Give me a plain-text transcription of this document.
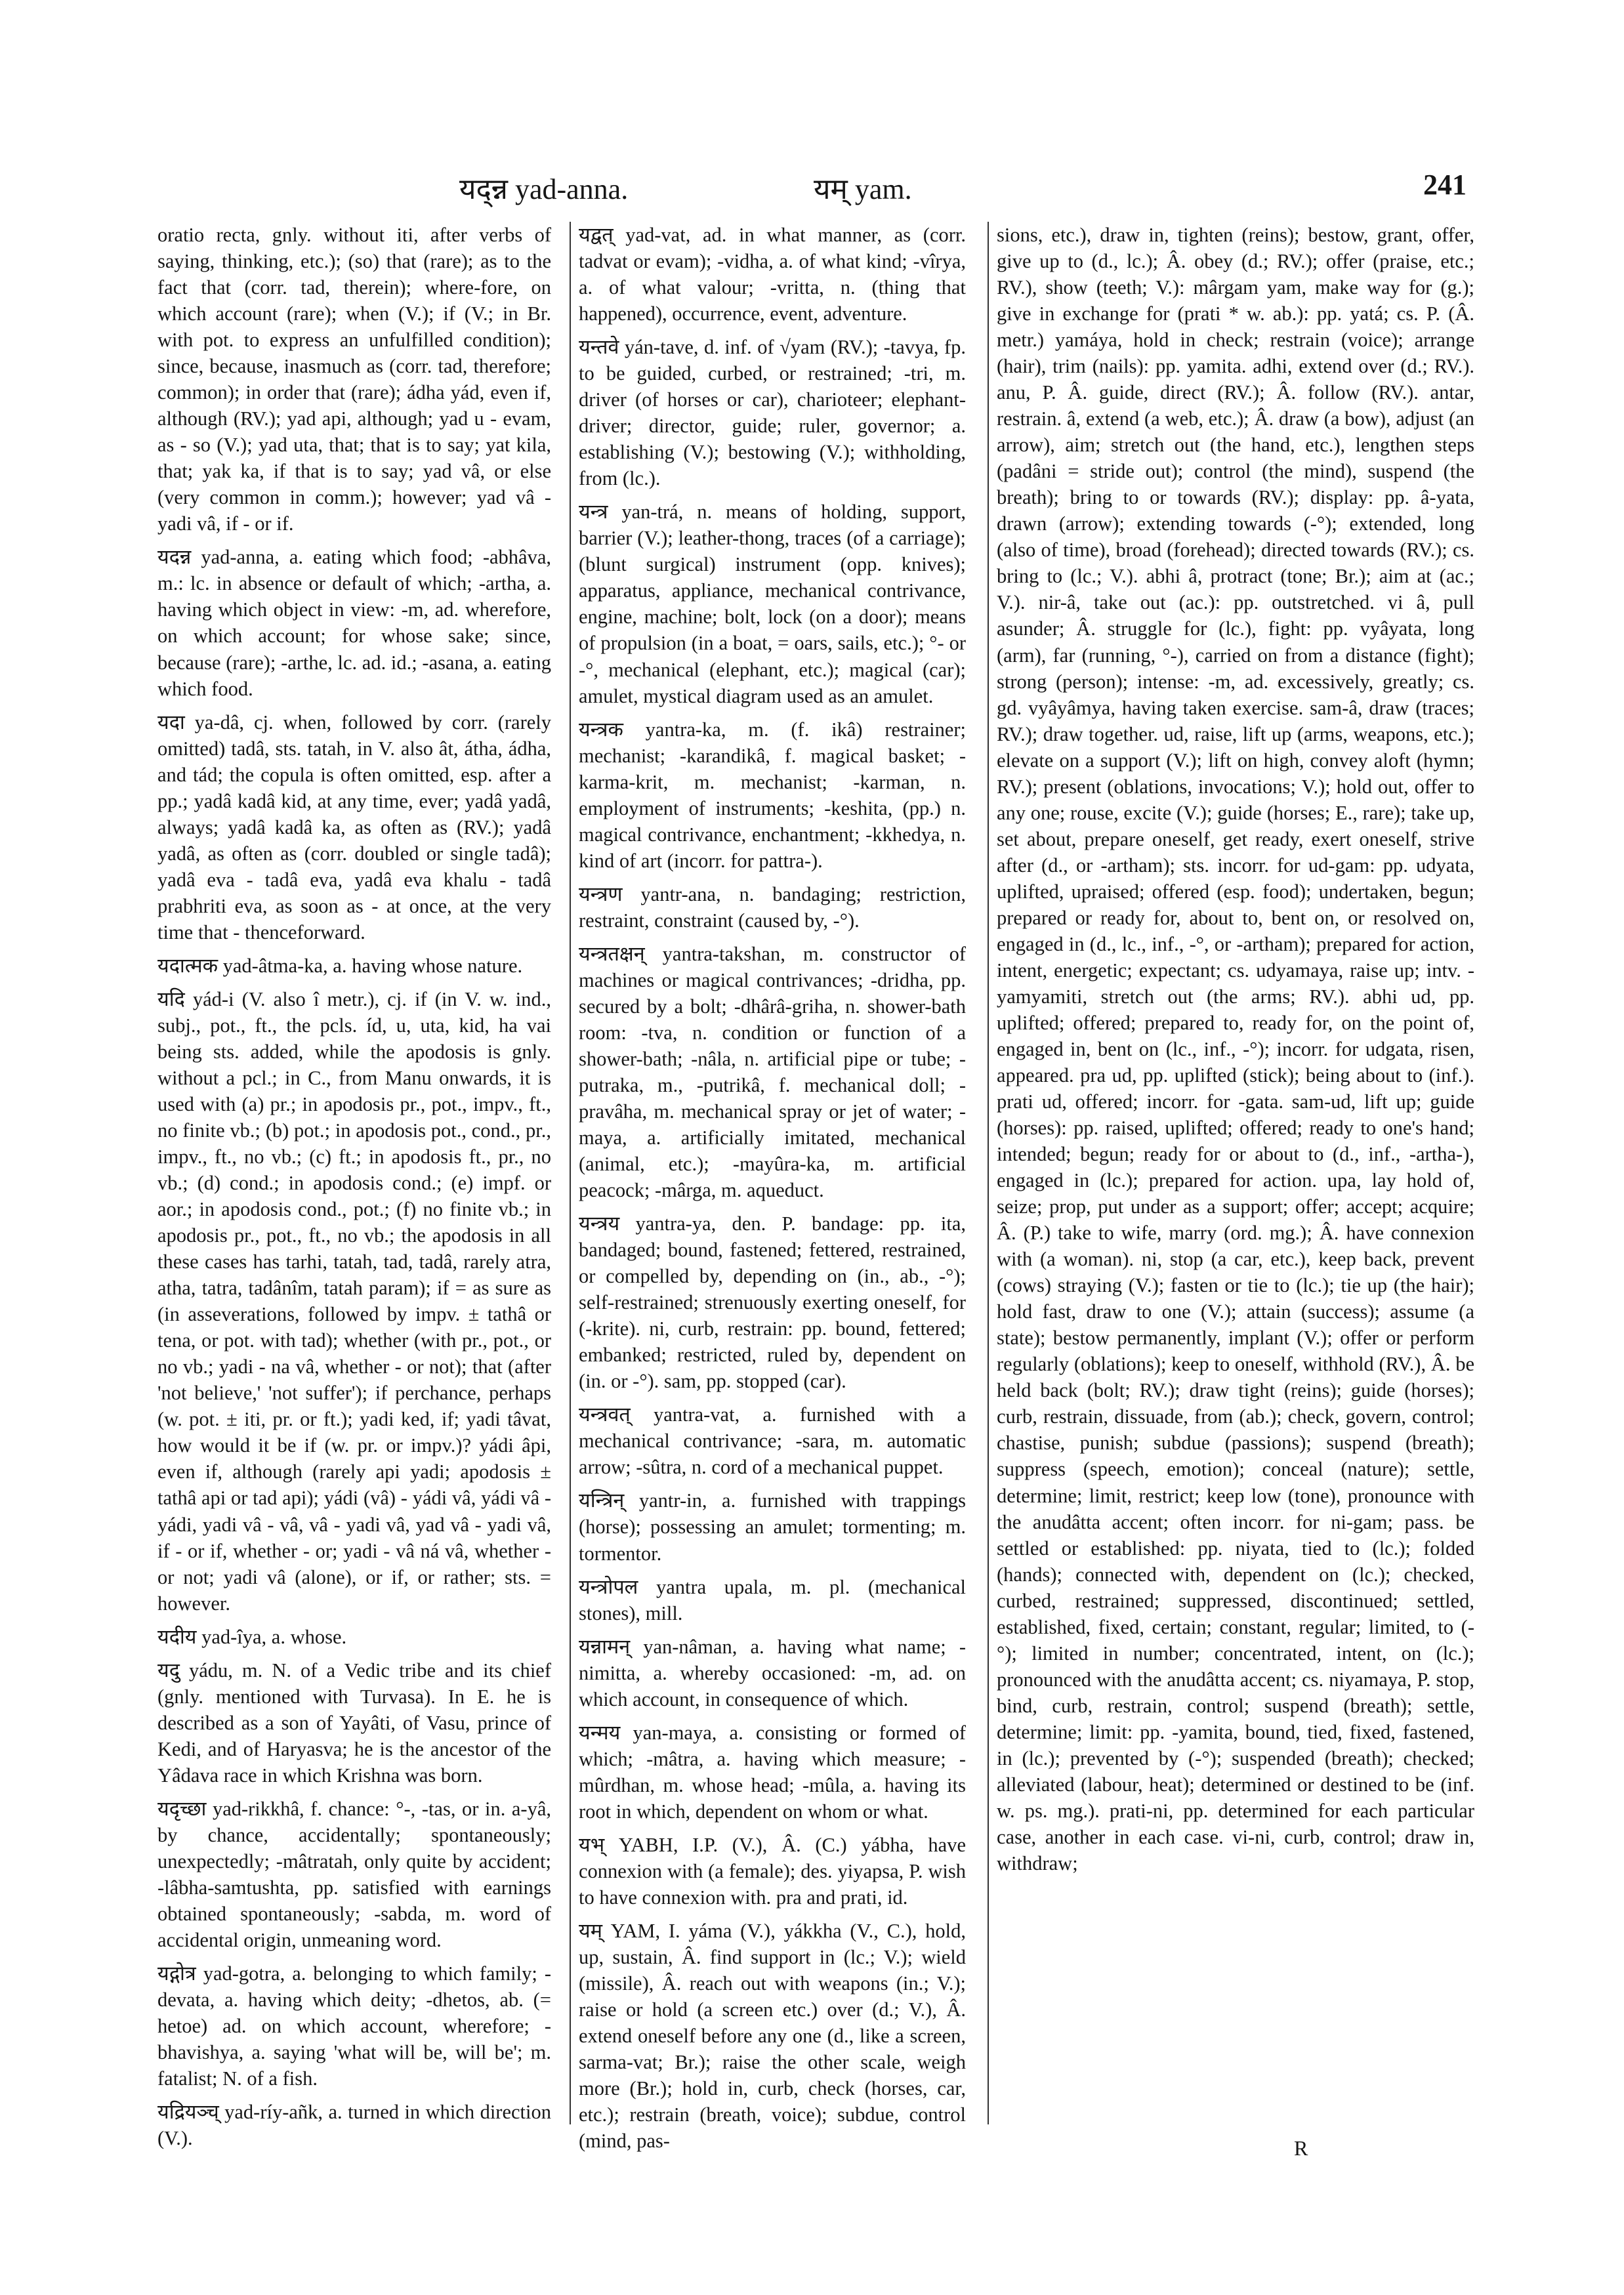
यद्न्न yad-anna.	यम् yam.	241

oratio recta, gnly. without iti, after verbs of saying, thinking, etc.); (so) that (rare); as to the fact that (corr. tad, therein); where-fore, on which account (rare); when (V.); if (V.; in Br. with pot. to express an unfulfilled condition); since, because, inasmuch as (corr. tad, therefore; common); in order that (rare); ádha yád, even if, although (RV.); yad api, although; yad u - evam, as - so (V.); yad uta, that; that is to say; yat kila, that; yak ka, if that is to say; yad vâ, or else (very common in comm.); however; yad vâ - yadi vâ, if - or if.

यदन्न yad-anna, a. eating which food; -abhâva, m.: lc. in absence or default of which; -artha, a. having which object in view: -m, ad. wherefore, on which account; for whose sake; since, because (rare); -arthe, lc. ad. id.; -asana, a. eating which food.

यदा ya-dâ, cj. when, followed by corr. (rarely omitted) tadâ, sts. tatah, in V. also ât, átha, ádha, and tád; the copula is often omitted, esp. after a pp.; yadâ kadâ kid, at any time, ever; yadâ yadâ, always; yadâ kadâ ka, as often as (RV.); yadâ yadâ, as often as (corr. doubled or single tadâ); yadâ eva - tadâ eva, yadâ eva khalu - tadâ prabhriti eva, as soon as - at once, at the very time that - thenceforward.

यदात्मक yad-âtma-ka, a. having whose nature.

यदि yád-i (V. also î metr.), cj. if (in V. w. ind., subj., pot., ft., the pcls. íd, u, uta, kid, ha vai being sts. added, while the apodosis is gnly. without a pcl.; in C., from Manu onwards, it is used with (a) pr.; in apodosis pr., pot., impv., ft., no finite vb.; (b) pot.; in apodosis pot., cond., pr., impv., ft., no vb.; (c) ft.; in apodosis ft., pr., no vb.; (d) cond.; in apodosis cond.; (e) impf. or aor.; in apodosis cond., pot.; (f) no finite vb.; in apodosis pr., pot., ft., no vb.; the apodosis in all these cases has tarhi, tatah, tad, tadâ, rarely atra, atha, tatra, tadânîm, tatah param); if = as sure as (in asseverations, followed by impv. ± tathâ or tena, or pot. with tad); whether (with pr., pot., or no vb.; yadi - na vâ, whether - or not); that (after 'not believe,' 'not suffer'); if perchance, perhaps (w. pot. ± iti, pr. or ft.); yadi ked, if; yadi tâvat, how would it be if (w. pr. or impv.)? yádi âpi, even if, although (rarely api yadi; apodosis ± tathâ api or tad api); yádi (vâ) - yádi vâ, yádi vâ - yádi, yadi vâ - vâ, vâ - yadi vâ, yad vâ - yadi vâ, if - or if, whether - or; yadi - vâ ná vâ, whether - or not; yadi vâ (alone), or if, or rather; sts. = however.

यदीय yad-îya, a. whose.

यदु yádu, m. N. of a Vedic tribe and its chief (gnly. mentioned with Turvasa). In E. he is described as a son of Yayâti, of Vasu, prince of Kedi, and of Haryasva; he is the ancestor of the Yâdava race in which Krishna was born.

यदृच्छा yad-rikkhâ, f. chance: °-, -tas, or in. a-yâ, by chance, accidentally; spontaneously; unexpectedly; -mâtratah, only quite by accident; -lâbha-samtushta, pp. satisfied with earnings obtained spontaneously; -sabda, m. word of accidental origin, unmeaning word.

यद्गोत्र yad-gotra, a. belonging to which family; -devata, a. having which deity; -dhetos, ab. (= hetoe) ad. on which account, wherefore; -bhavishya, a. saying 'what will be, will be'; m. fatalist; N. of a fish.

यद्रियञ्च् yad-ríy-añk, a. turned in which direction (V.).

यद्वत् yad-vat, ad. in what manner, as (corr. tadvat or evam); -vidha, a. of what kind; -vîrya, a. of what valour; -vritta, n. (thing that happened), occurrence, event, adventure.

यन्तवे yán-tave, d. inf. of √yam (RV.); -tavya, fp. to be guided, curbed, or restrained; -tri, m. driver (of horses or car), charioteer; elephant-driver; director, guide; ruler, governor; a. establishing (V.); bestowing (V.); withholding, from (lc.).

यन्त्र yan-trá, n. means of holding, support, barrier (V.); leather-thong, traces (of a carriage); (blunt surgical) instrument (opp. knives); apparatus, appliance, mechanical contrivance, engine, machine; bolt, lock (on a door); means of propulsion (in a boat, = oars, sails, etc.); °- or -°, mechanical (elephant, etc.); magical (car); amulet, mystical diagram used as an amulet.

यन्त्रक yantra-ka, m. (f. ikâ) restrainer; mechanist; -karandikâ, f. magical basket; -karma-krit, m. mechanist; -karman, n. employment of instruments; -keshita, (pp.) n. magical contrivance, enchantment; -kkhedya, n. kind of art (incorr. for pattra-).

यन्त्रण yantr-ana, n. bandaging; restriction, restraint, constraint (caused by, -°).

यन्त्रतक्षन् yantra-takshan, m. constructor of machines or magical contrivances; -dridha, pp. secured by a bolt; -dhârâ-griha, n. shower-bath room: -tva, n. condition or function of a shower-bath; -nâla, n. artificial pipe or tube; -putraka, m., -putrikâ, f. mechanical doll; -pravâha, m. mechanical spray or jet of water; -maya, a. artificially imitated, mechanical (animal, etc.); -mayûra-ka, m. artificial peacock; -mârga, m. aqueduct.

यन्त्रय yantra-ya, den. P. bandage: pp. ita, bandaged; bound, fastened; fettered, restrained, or compelled by, depending on (in., ab., -°); self-restrained; strenuously exerting oneself, for (-krite). ni, curb, restrain: pp. bound, fettered; embanked; restricted, ruled by, dependent on (in. or -°). sam, pp. stopped (car).

यन्त्रवत् yantra-vat, a. furnished with a mechanical contrivance; -sara, m. automatic arrow; -sûtra, n. cord of a mechanical puppet.

यन्त्रिन् yantr-in, a. furnished with trappings (horse); possessing an amulet; tormenting; m. tormentor.

यन्त्रोपल yantra upala, m. pl. (mechanical stones), mill.

यन्नामन् yan-nâman, a. having what name; -nimitta, a. whereby occasioned: -m, ad. on which account, in consequence of which.

यन्मय yan-maya, a. consisting or formed of which; -mâtra, a. having which measure; -mûrdhan, m. whose head; -mûla, a. having its root in which, dependent on whom or what.

यभ् YABH, I.P. (V.), Â. (C.) yábha, have connexion with (a female); des. yiyapsa, P. wish to have connexion with. pra and prati, id.

यम् YAM, I. yáma (V.), yákkha (V., C.), hold, up, sustain, Â. find support in (lc.; V.); wield (missile), Â. reach out with weapons (in.; V.); raise or hold (a screen etc.) over (d.; V.), Â. extend oneself before any one (d., like a screen, sarma-vat; Br.); raise the other scale, weigh more (Br.); hold in, curb, check (horses, car, etc.); restrain (breath, voice); subdue, control (mind, pas-

sions, etc.), draw in, tighten (reins); bestow, grant, offer, give up to (d., lc.); Â. obey (d.; RV.); offer (praise, etc.; RV.), show (teeth; V.): mârgam yam, make way for (g.); give in exchange for (prati * w. ab.): pp. yatá; cs. P. (Â. metr.) yamáya, hold in check; restrain (voice); arrange (hair), trim (nails): pp. yamita. adhi, extend over (d.; RV.). anu, P. Â. guide, direct (RV.); Â. follow (RV.). antar, restrain. â, extend (a web, etc.); Â. draw (a bow), adjust (an arrow), aim; stretch out (the hand, etc.), lengthen steps (padâni = stride out); control (the mind), suspend (the breath); bring to or towards (RV.); display: pp. â-yata, drawn (arrow); extending towards (-°); extended, long (also of time), broad (forehead); directed towards (RV.); cs. bring to (lc.; V.). abhi â, protract (tone; Br.); aim at (ac.; V.). nir-â, take out (ac.): pp. outstretched. vi â, pull asunder; Â. struggle for (lc.), fight: pp. vyâyata, long (arm), far (running, °-), carried on from a distance (fight); strong (person); intense: -m, ad. excessively, greatly; cs. gd. vyâyâmya, having taken exercise. sam-â, draw (traces; RV.); draw together. ud, raise, lift up (arms, weapons, etc.); elevate on a support (V.); lift on high, convey aloft (hymn; RV.); present (oblations, invocations; V.); hold out, offer to any one; rouse, excite (V.); guide (horses; E., rare); take up, set about, prepare oneself, get ready, exert oneself, strive after (d., or -artham); sts. incorr. for ud-gam: pp. udyata, uplifted, upraised; offered (esp. food); undertaken, begun; prepared or ready for, about to, bent on, or resolved on, engaged in (d., lc., inf., -°, or -artham); prepared for action, intent, energetic; expectant; cs. udyamaya, raise up; intv. -yamyamiti, stretch out (the arms; RV.). abhi ud, pp. uplifted; offered; prepared to, ready for, on the point of, engaged in, bent on (lc., inf., -°); incorr. for udgata, risen, appeared. pra ud, pp. uplifted (stick); being about to (inf.). prati ud, offered; incorr. for -gata. sam-ud, lift up; guide (horses): pp. raised, uplifted; offered; ready to one's hand; intended; begun; ready for or about to (d., inf., -artha-), engaged in (lc.); prepared for action. upa, lay hold of, seize; prop, put under as a support; offer; accept; acquire; Â. (P.) take to wife, marry (ord. mg.); Â. have connexion with (a woman). ni, stop (a car, etc.), keep back, prevent (cows) straying (V.); fasten or tie to (lc.); tie up (the hair); hold fast, draw to one (V.); attain (success); assume (a state); bestow permanently, implant (V.); offer or perform regularly (oblations); keep to oneself, withhold (RV.), Â. be held back (bolt; RV.); draw tight (reins); guide (horses); curb, restrain, dissuade, from (ab.); check, govern, control; chastise, punish; subdue (passions); suspend (breath); suppress (speech, emotion); conceal (nature); settle, determine; limit, restrict; keep low (tone), pronounce with the anudâtta accent; often incorr. for ni-gam; pass. be settled or established: pp. niyata, tied to (lc.); folded (hands); connected with, dependent on (lc.); checked, curbed, restrained; suppressed, discontinued; settled, established, fixed, certain; constant, regular; limited, to (-°); limited in number; concentrated, intent, on (lc.); pronounced with the anudâtta accent; cs. niyamaya, P. stop, bind, curb, restrain, control; suspend (breath); settle, determine; limit: pp. -yamita, bound, tied, fixed, fastened, in (lc.); prevented by (-°); suspended (breath); checked; alleviated (labour, heat); determined or destined to be (inf. w. ps. mg.). prati-ni, pp. determined for each particular case, another in each case. vi-ni, curb, control; draw in, withdraw;

R
